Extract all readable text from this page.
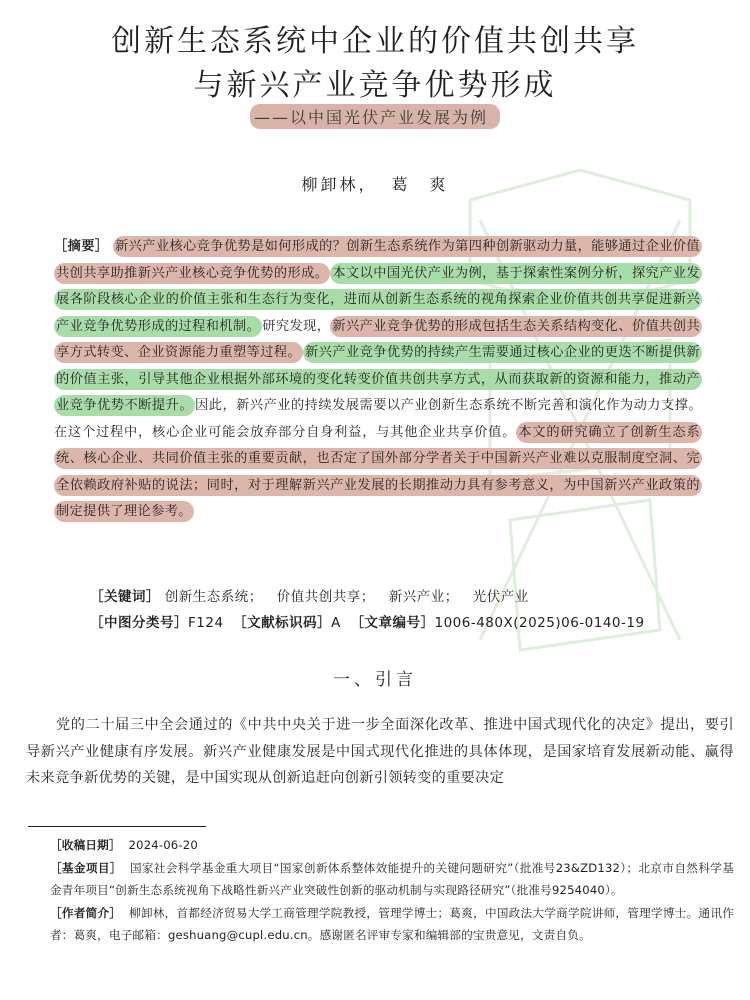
创新生态系统中企业的价值共创共享
与新兴产业竞争优势形成
——以中国光伏产业发展为例
柳卸林， 葛　爽
［摘要］ 新兴产业核心竞争优势是如何形成的？创新生态系统作为第四种创新驱动力量，能够通过企业价值共创共享助推新兴产业核心竞争优势的形成。 本文以中国光伏产业为例，基于探索性案例分析，探究产业发展各阶段核心企业的价值主张和生态行为变化，进而从创新生态系统的视角探索企业价值共创共享促进新兴产业竞争优势形成的过程和机制。 研究发现， 新兴产业竞争优势的形成包括生态关系结构变化、价值共创共享方式转变、企业资源能力重塑等过程。 新兴产业竞争优势的持续产生需要通过核心企业的更迭不断提供新的价值主张，引导其他企业根据外部环境的变化转变价值共创共享方式，从而获取新的资源和能力，推动产业竞争优势不断提升。 因此，新兴产业的持续发展需要以产业创新生态系统不断完善和演化作为动力支撑。在这个过程中，核心企业可能会放弃部分自身利益，与其他企业共享价值。 本文的研究确立了创新生态系统、核心企业、共同价值主张的重要贡献，也否定了国外部分学者关于中国新兴产业难以克服制度空洞、完全依赖政府补贴的说法；同时，对于理解新兴产业发展的长期推动力具有参考意义，为中国新兴产业政策的制定提供了理论参考。
［关键词］ 创新生态系统； 价值共创共享； 新兴产业； 光伏产业
［中图分类号］F124 ［文献标识码］A ［文章编号］1006-480X(2025)06-0140-19
一、引言
党的二十届三中全会通过的《中共中央关于进一步全面深化改革、推进中国式现代化的决定》提出，要引导新兴产业健康有序发展。新兴产业健康发展是中国式现代化推进的具体体现，是国家培育发展新动能、赢得未来竞争新优势的关键，是中国实现从创新追赶向创新引领转变的重要决定

［收稿日期］ 2024-06-20

［基金项目］ 国家社会科学基金重大项目“国家创新体系整体效能提升的关键问题研究”（批准号23&ZD132）；北京市自然科学基金青年项目“创新生态系统视角下战略性新兴产业突破性创新的驱动机制与实现路径研究”（批准号9254040）。

［作者简介］ 柳卸林，首都经济贸易大学工商管理学院教授，管理学博士；葛爽，中国政法大学商学院讲师，管理学博士。通讯作者：葛爽，电子邮箱：geshuang@cupl.edu.cn。感谢匿名评审专家和编辑部的宝贵意见，文责自负。
